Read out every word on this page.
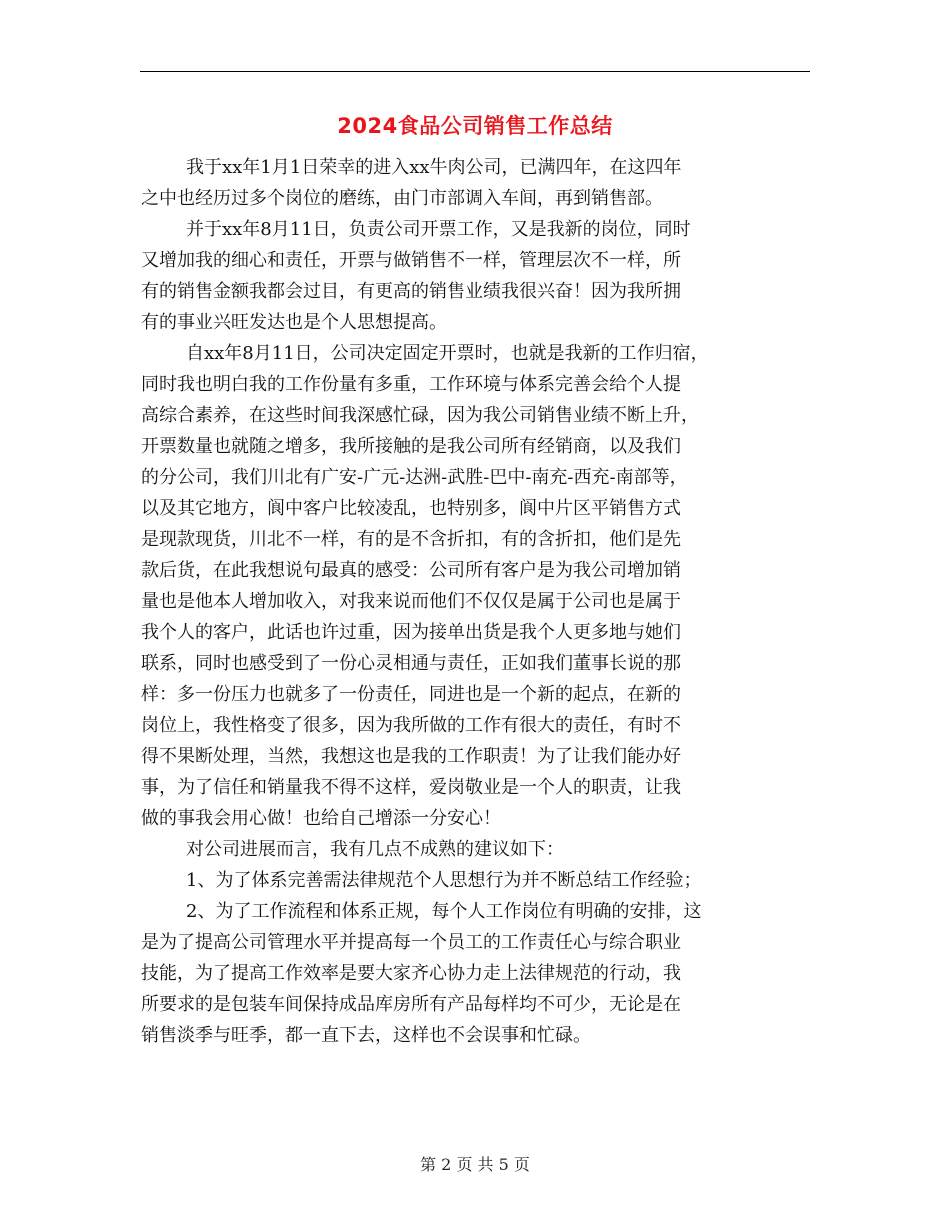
2024食品公司销售工作总结
我于xx年1月1日荣幸的进入xx牛肉公司，已满四年，在这四年
之中也经历过多个岗位的磨练，由门市部调入车间，再到销售部。
并于xx年8月11日，负责公司开票工作，又是我新的岗位，同时
又增加我的细心和责任，开票与做销售不一样，管理层次不一样，所
有的销售金额我都会过目，有更高的销售业绩我很兴奋！因为我所拥
有的事业兴旺发达也是个人思想提高。
自xx年8月11日，公司决定固定开票时，也就是我新的工作归宿，
同时我也明白我的工作份量有多重，工作环境与体系完善会给个人提
高综合素养，在这些时间我深感忙碌，因为我公司销售业绩不断上升，
开票数量也就随之增多，我所接触的是我公司所有经销商，以及我们
的分公司，我们川北有广安-广元-达洲-武胜-巴中-南充-西充-南部等，
以及其它地方，阆中客户比较凌乱，也特别多，阆中片区平销售方式
是现款现货，川北不一样，有的是不含折扣，有的含折扣，他们是先
款后货，在此我想说句最真的感受：公司所有客户是为我公司增加销
量也是他本人增加收入，对我来说而他们不仅仅是属于公司也是属于
我个人的客户，此话也许过重，因为接单出货是我个人更多地与她们
联系，同时也感受到了一份心灵相通与责任，正如我们董事长说的那
样：多一份压力也就多了一份责任，同进也是一个新的起点，在新的
岗位上，我性格变了很多，因为我所做的工作有很大的责任，有时不
得不果断处理，当然，我想这也是我的工作职责！为了让我们能办好
事，为了信任和销量我不得不这样，爱岗敬业是一个人的职责，让我
做的事我会用心做！也给自己增添一分安心！
对公司进展而言，我有几点不成熟的建议如下：
1、为了体系完善需法律规范个人思想行为并不断总结工作经验；
2、为了工作流程和体系正规，每个人工作岗位有明确的安排，这
是为了提高公司管理水平并提高每一个员工的工作责任心与综合职业
技能，为了提高工作效率是要大家齐心协力走上法律规范的行动，我
所要求的是包装车间保持成品库房所有产品每样均不可少，无论是在
销售淡季与旺季，都一直下去，这样也不会误事和忙碌。
第 2 页 共 5 页
